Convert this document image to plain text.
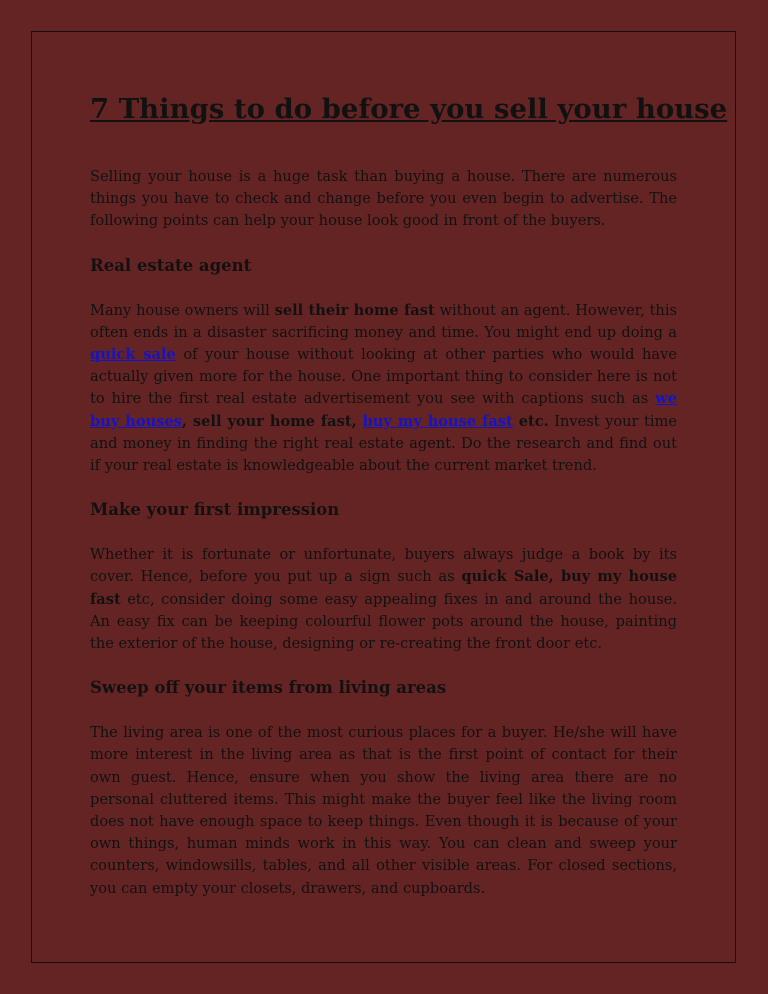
7 Things to do before you sell your house

Selling your house is a huge task than buying a house. There are numerous things you have to check and change before you even begin to advertise. The following points can help your house look good in front of the buyers.

Real estate agent

Many house owners will sell their home fast without an agent. However, this often ends in a disaster sacrificing money and time. You might end up doing a quick sale of your house without looking at other parties who would have actually given more for the house. One important thing to consider here is not to hire the first real estate advertisement you see with captions such as we buy houses, sell your home fast, buy my house fast etc. Invest your time and money in finding the right real estate agent. Do the research and find out if your real estate is knowledgeable about the current market trend.

Make your first impression

Whether it is fortunate or unfortunate, buyers always judge a book by its cover. Hence, before you put up a sign such as quick Sale, buy my house fast etc, consider doing some easy appealing fixes in and around the house. An easy fix can be keeping colourful flower pots around the house, painting the exterior of the house, designing or re-creating the front door etc.

Sweep off your items from living areas

The living area is one of the most curious places for a buyer. He/she will have more interest in the living area as that is the first point of contact for their own guest. Hence, ensure when you show the living area there are no personal cluttered items. This might make the buyer feel like the living room does not have enough space to keep things. Even though it is because of your own things, human minds work in this way. You can clean and sweep your counters, windowsills, tables, and all other visible areas. For closed sections, you can empty your closets, drawers, and cupboards.
